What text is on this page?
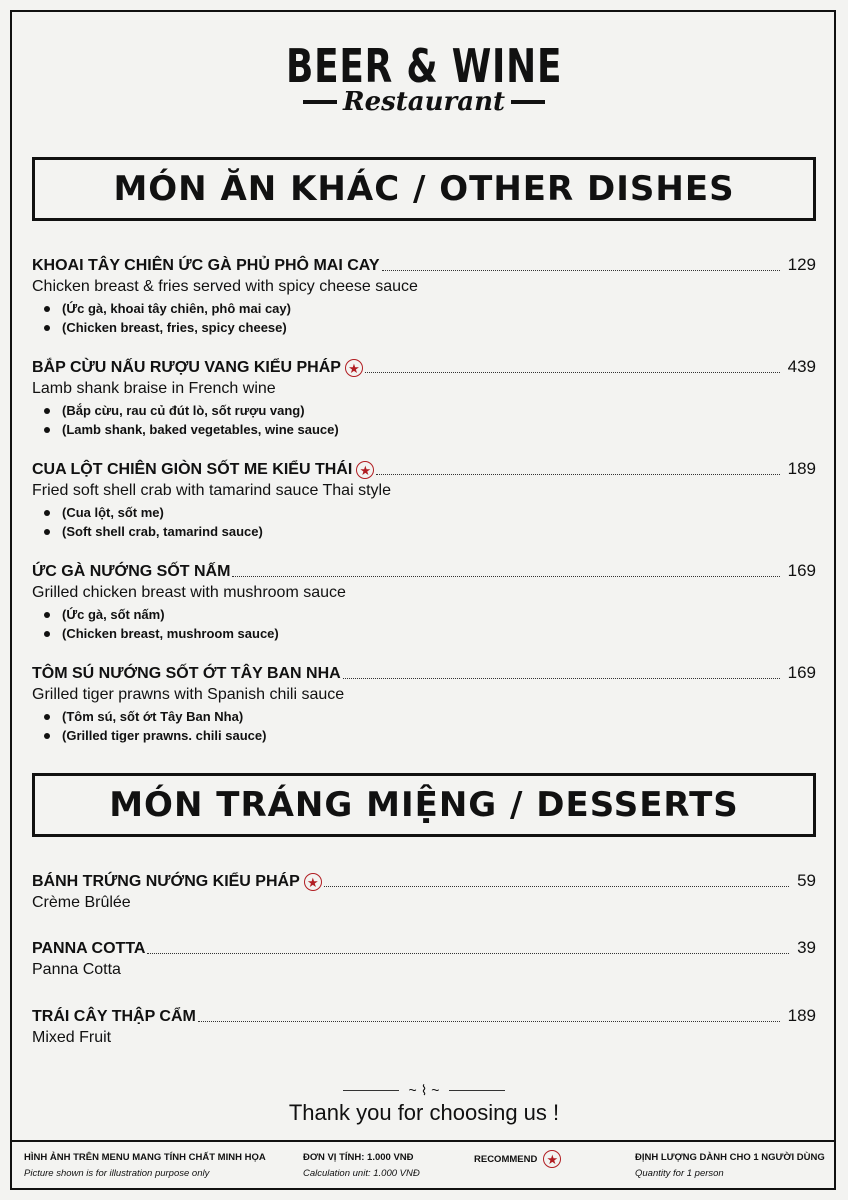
BEER & WINE
Restaurant
MÓN ĂN KHÁC / OTHER DISHES
KHOAI TÂY CHIÊN ỨC GÀ PHỦ PHÔ MAI CAY	129
Chicken breast & fries served with spicy cheese sauce
(Ức gà, khoai tây chiên, phô mai cay)
(Chicken breast, fries, spicy cheese)
BẮP CỪU NẤU RƯỢU VANG KIỂU PHÁP ★	439
Lamb shank braise in French wine
(Bắp cừu, rau củ đút lò, sốt rượu vang)
(Lamb shank, baked vegetables, wine sauce)
CUA LỘT CHIÊN GIÒN SỐT ME KIỂU THÁI ★	189
Fried soft shell crab with tamarind sauce Thai style
(Cua lột, sốt me)
(Soft shell crab, tamarind sauce)
ỨC GÀ NƯỚNG SỐT NẤM	169
Grilled chicken breast with mushroom sauce
(Ức gà, sốt nấm)
(Chicken breast, mushroom sauce)
TÔM SÚ NƯỚNG SỐT ỚT TÂY BAN NHA	169
Grilled tiger prawns with Spanish chili sauce
(Tôm sú, sốt ớt Tây Ban Nha)
(Grilled tiger prawns. chili sauce)
MÓN TRÁNG MIỆNG / DESSERTS
BÁNH TRỨNG NƯỚNG KIỂU PHÁP ★	59
Crème Brûlée
PANNA COTTA	39
Panna Cotta
TRÁI CÂY THẬP CẨM	189
Mixed Fruit
~ ⌇ ~
Thank you for choosing us !
HÌNH ẢNH TRÊN MENU MANG TÍNH CHẤT MINH HỌA
Picture shown is for illustration purpose only
ĐƠN VỊ TÍNH: 1.000 VNĐ
Calculation unit: 1.000 VNĐ
RECOMMEND ★	ĐỊNH LƯỢNG DÀNH CHO 1 NGƯỜI DÙNG
Quantity for 1 person
